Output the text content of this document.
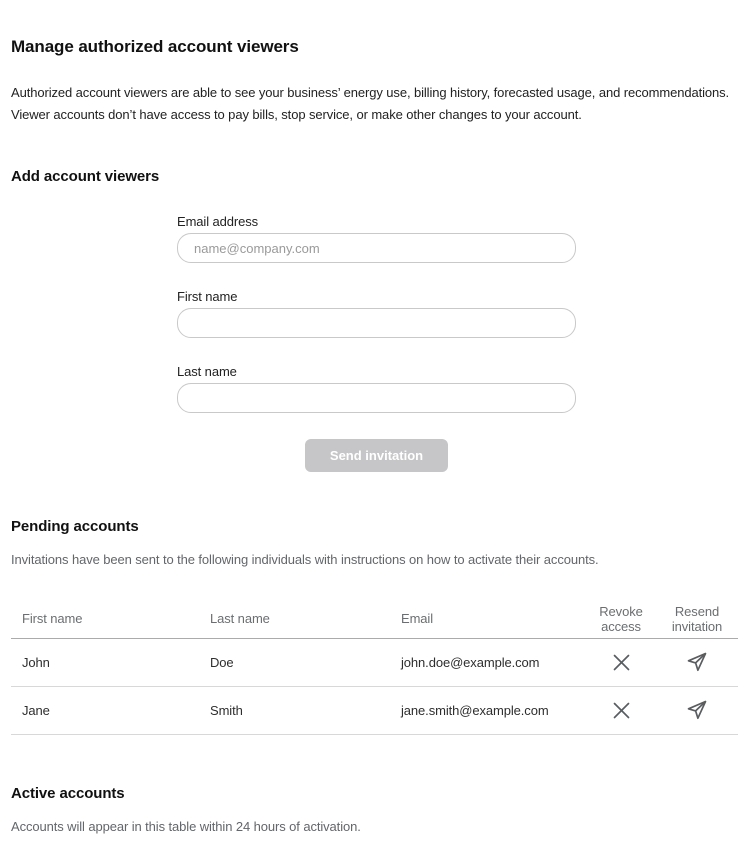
Manage authorized account viewers

Authorized account viewers are able to see your business’ energy use, billing history, forecasted usage, and recommendations. Viewer accounts don’t have access to pay bills, stop service, or make other changes to your account.

Add account viewers
Email address
name@company.com
First name
Last name
Send invitation
Pending accounts

Invitations have been sent to the following individuals with instructions on how to activate their accounts.

First name	Last name	Email	Revoke access	Resend invitation
John	Doe	john.doe@example.com	

Jane	Smith	jane.smith@example.com	

Active accounts

Accounts will appear in this table within 24 hours of activation.
